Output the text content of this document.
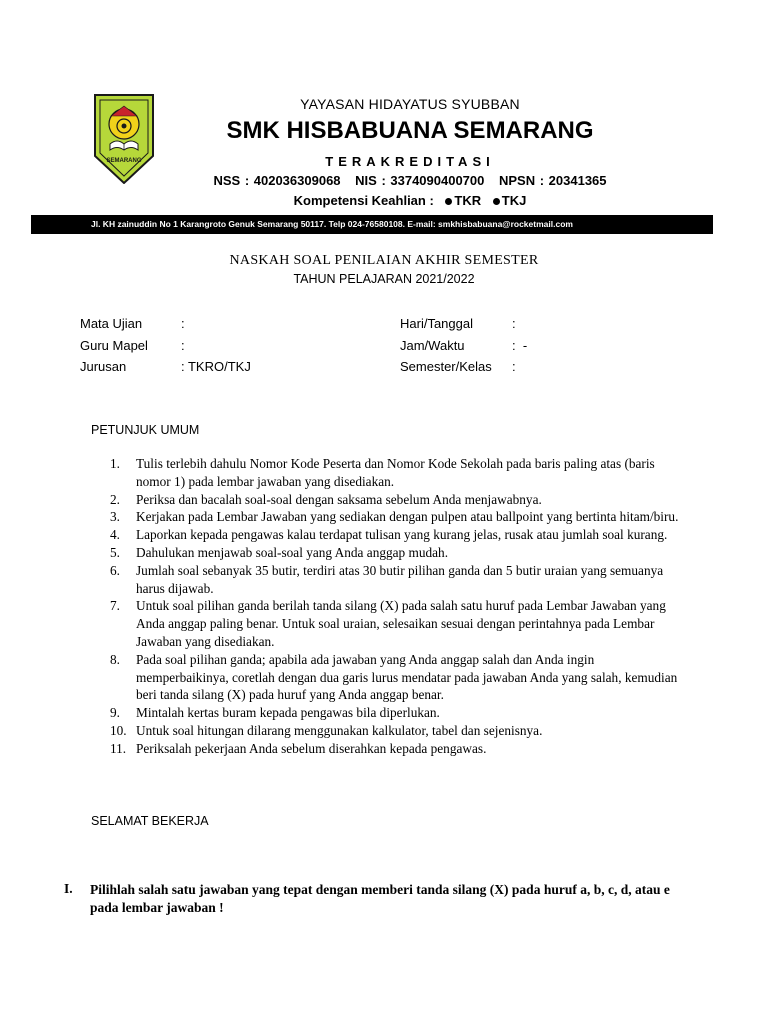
SEMARANG
YAYASAN HIDAYATUS SYUBBAN
SMK HISBABUANA SEMARANG
TERAKREDITASI
NSS : 402036309068 NIS : 3374090400700 NPSN : 20341365
Kompetensi Keahlian : TKR TKJ
Jl. KH zainuddin No 1 Karangroto Genuk Semarang 50117. Telp 024-76580108. E-mail: smkhisbabuana@rocketmail.com
NASKAH SOAL PENILAIAN AKHIR SEMESTER
TAHUN PELAJARAN 2021/2022
Mata Ujian	:
Guru Mapel	:
Jurusan	: TKRO/TKJ
Hari/Tanggal	:
Jam/Waktu	:  -
Semester/Kelas :
PETUNJUK UMUM
1. Tulis terlebih dahulu Nomor Kode Peserta dan Nomor Kode Sekolah pada baris paling atas (baris nomor 1) pada lembar jawaban yang disediakan.
2. Periksa dan bacalah soal-soal dengan saksama sebelum Anda menjawabnya.
3. Kerjakan pada Lembar Jawaban yang sediakan dengan pulpen atau ballpoint yang bertinta hitam/biru.
4. Laporkan kepada pengawas kalau terdapat tulisan yang kurang jelas, rusak atau jumlah soal kurang.
5. Dahulukan menjawab soal-soal yang Anda anggap mudah.
6. Jumlah soal sebanyak 35 butir, terdiri atas 30 butir pilihan ganda dan 5 butir uraian yang semuanya harus dijawab.
7. Untuk soal pilihan ganda berilah tanda silang (X) pada salah satu huruf pada Lembar Jawaban yang Anda anggap paling benar. Untuk soal uraian, selesaikan sesuai dengan perintahnya pada Lembar Jawaban yang disediakan.
8. Pada soal pilihan ganda; apabila ada jawaban yang Anda anggap salah dan Anda ingin memperbaikinya, coretlah dengan dua garis lurus mendatar pada jawaban Anda yang salah, kemudian beri tanda silang (X) pada huruf yang Anda anggap benar.
9. Mintalah kertas buram kepada pengawas bila diperlukan.
10. Untuk soal hitungan dilarang menggunakan kalkulator, tabel dan sejenisnya.
11. Periksalah pekerjaan Anda sebelum diserahkan kepada pengawas.
SELAMAT BEKERJA
I. Pilihlah salah satu jawaban yang tepat dengan memberi tanda silang (X) pada huruf a, b, c, d, atau e pada lembar jawaban !
